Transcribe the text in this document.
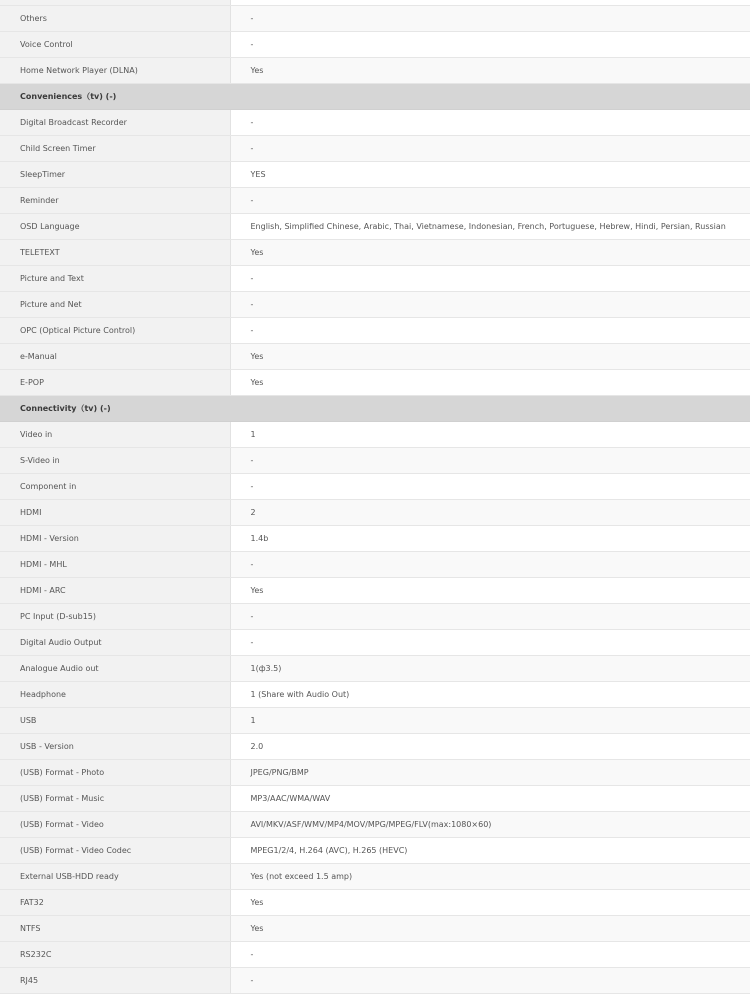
Others	-
Voice Control	-
Home Network Player (DLNA)	Yes
Conveniences（tv) (-)	
Digital Broadcast Recorder	-
Child Screen Timer	-
SleepTimer	YES
Reminder	-
OSD Language	English, Simplified Chinese, Arabic, Thai, Vietnamese, Indonesian, French, Portuguese, Hebrew, Hindi, Persian, Russian
TELETEXT	Yes
Picture and Text	-
Picture and Net	-
OPC (Optical Picture Control)	-
e-Manual	Yes
E-POP	Yes
Connectivity（tv) (-)	
Video in	1
S-Video in	-
Component in	-
HDMI	2
HDMI - Version	1.4b
HDMI - MHL	-
HDMI - ARC	Yes
PC Input (D-sub15)	-
Digital Audio Output	-
Analogue Audio out	1(ф3.5)
Headphone	1 (Share with Audio Out)
USB	1
USB - Version	2.0
(USB) Format - Photo	JPEG/PNG/BMP
(USB) Format - Music	MP3/AAC/WMA/WAV
(USB) Format - Video	AVI/MKV/ASF/WMV/MP4/MOV/MPG/MPEG/FLV(max:1080×60)
(USB) Format - Video Codec	MPEG1/2/4, H.264 (AVC), H.265 (HEVC)
External USB-HDD ready	Yes (not exceed 1.5 amp)
FAT32	Yes
NTFS	Yes
RS232C	-
RJ45	-
